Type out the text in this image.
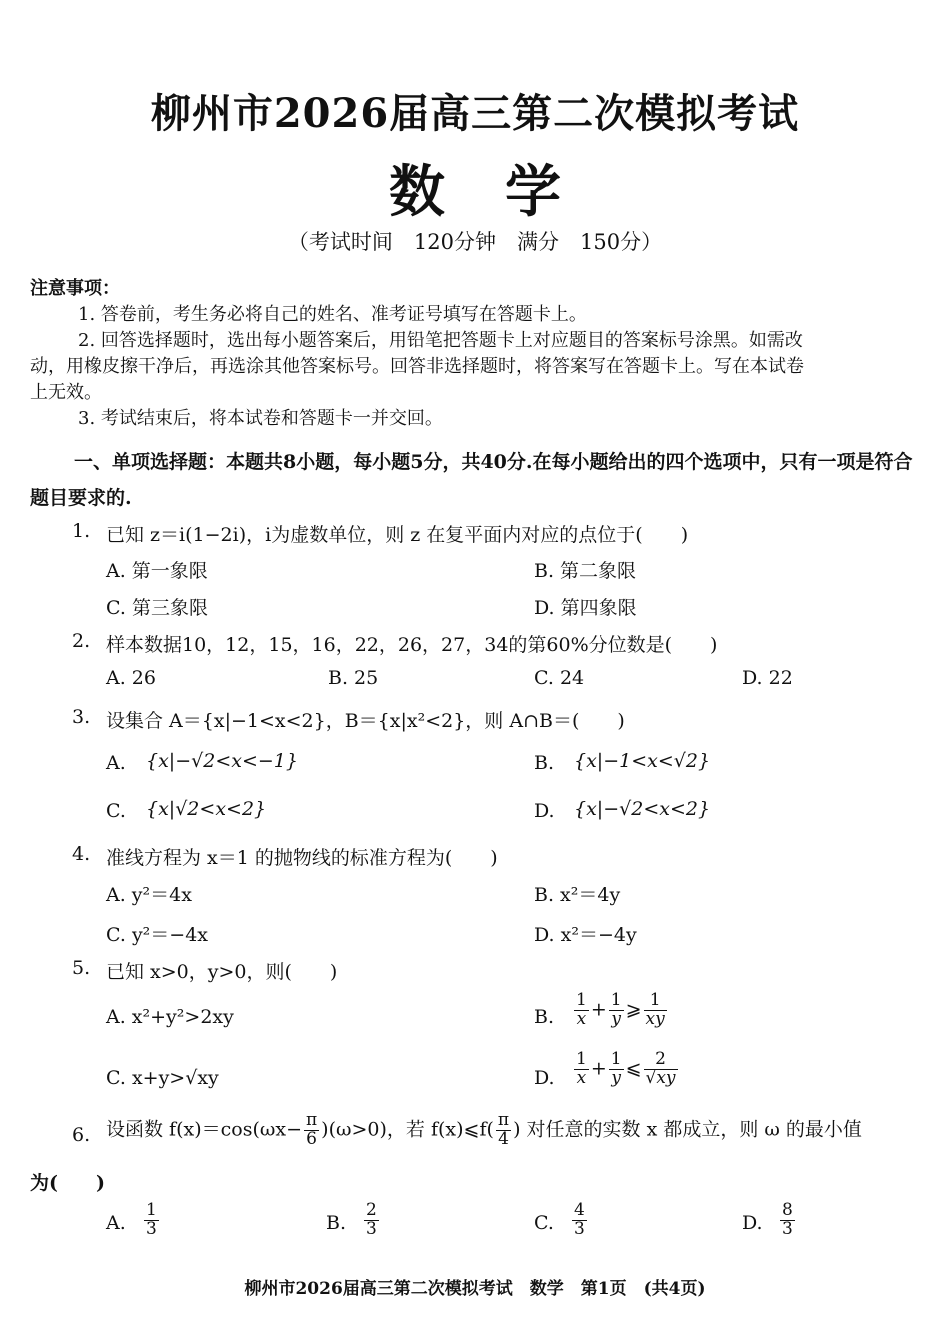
柳州市2026届高三第二次模拟考试
数学
（考试时间　120分钟　满分　150分）
注意事项：
1. 答卷前，考生务必将自己的姓名、准考证号填写在答题卡上。
2. 回答选择题时，选出每小题答案后，用铅笔把答题卡上对应题目的答案标号涂黑。如需改
动，用橡皮擦干净后，再选涂其他答案标号。回答非选择题时，将答案写在答题卡上。写在本试卷
上无效。
3. 考试结束后，将本试卷和答题卡一并交回。
一、单项选择题：本题共8小题，每小题5分，共40分.在每小题给出的四个选项中，只有一项是符合题目要求的.
1. 已知 z＝i(1−2i)，i为虚数单位，则 z 在复平面内对应的点位于(　　)
A. 第一象限	B. 第二象限
C. 第三象限	D. 第四象限
2. 样本数据10，12，15，16，22，26，27，34的第60%分位数是(　　)
A. 26	B. 25	C. 24	D. 22
3. 设集合 A＝{x|−1<x<2}，B＝{x|x²<2}，则 A∩B＝(　　)
A. {x|−√2<x<−1}	B. {x|−1<x<√2}
C. {x|√2<x<2}	D. {x|−√2<x<2}
4. 准线方程为 x＝1 的抛物线的标准方程为(　　)
A. y²＝4x	B. x²＝4y
C. y²＝−4x	D. x²＝−4y
5. 已知 x>0，y>0，则(　　)
A. x²+y²>2xy	B. $\frac{1}{x} + \frac{1}{y}$ ⩾ $\frac{1}{xy}$
C. x+y>√xy	D. $\frac{1}{x} + \frac{1}{y}$ ⩽ $\frac{2}{√xy}$
6. 设函数 $f(x)=\cos(\omega x- \frac{\pi}{6} )(\omega>0)$，若 f(x)⩽f( $\frac{\pi}{4}$ ) 对任意的实数 x 都成立，则 ω 的最小值
为(　　)
A. $\frac{1}{3}$	B. $\frac{2}{3}$	C. $\frac{4}{3}$	D. $\frac{8}{3}$
柳州市2026届高三第二次模拟考试　数学　第1页　(共4页)
